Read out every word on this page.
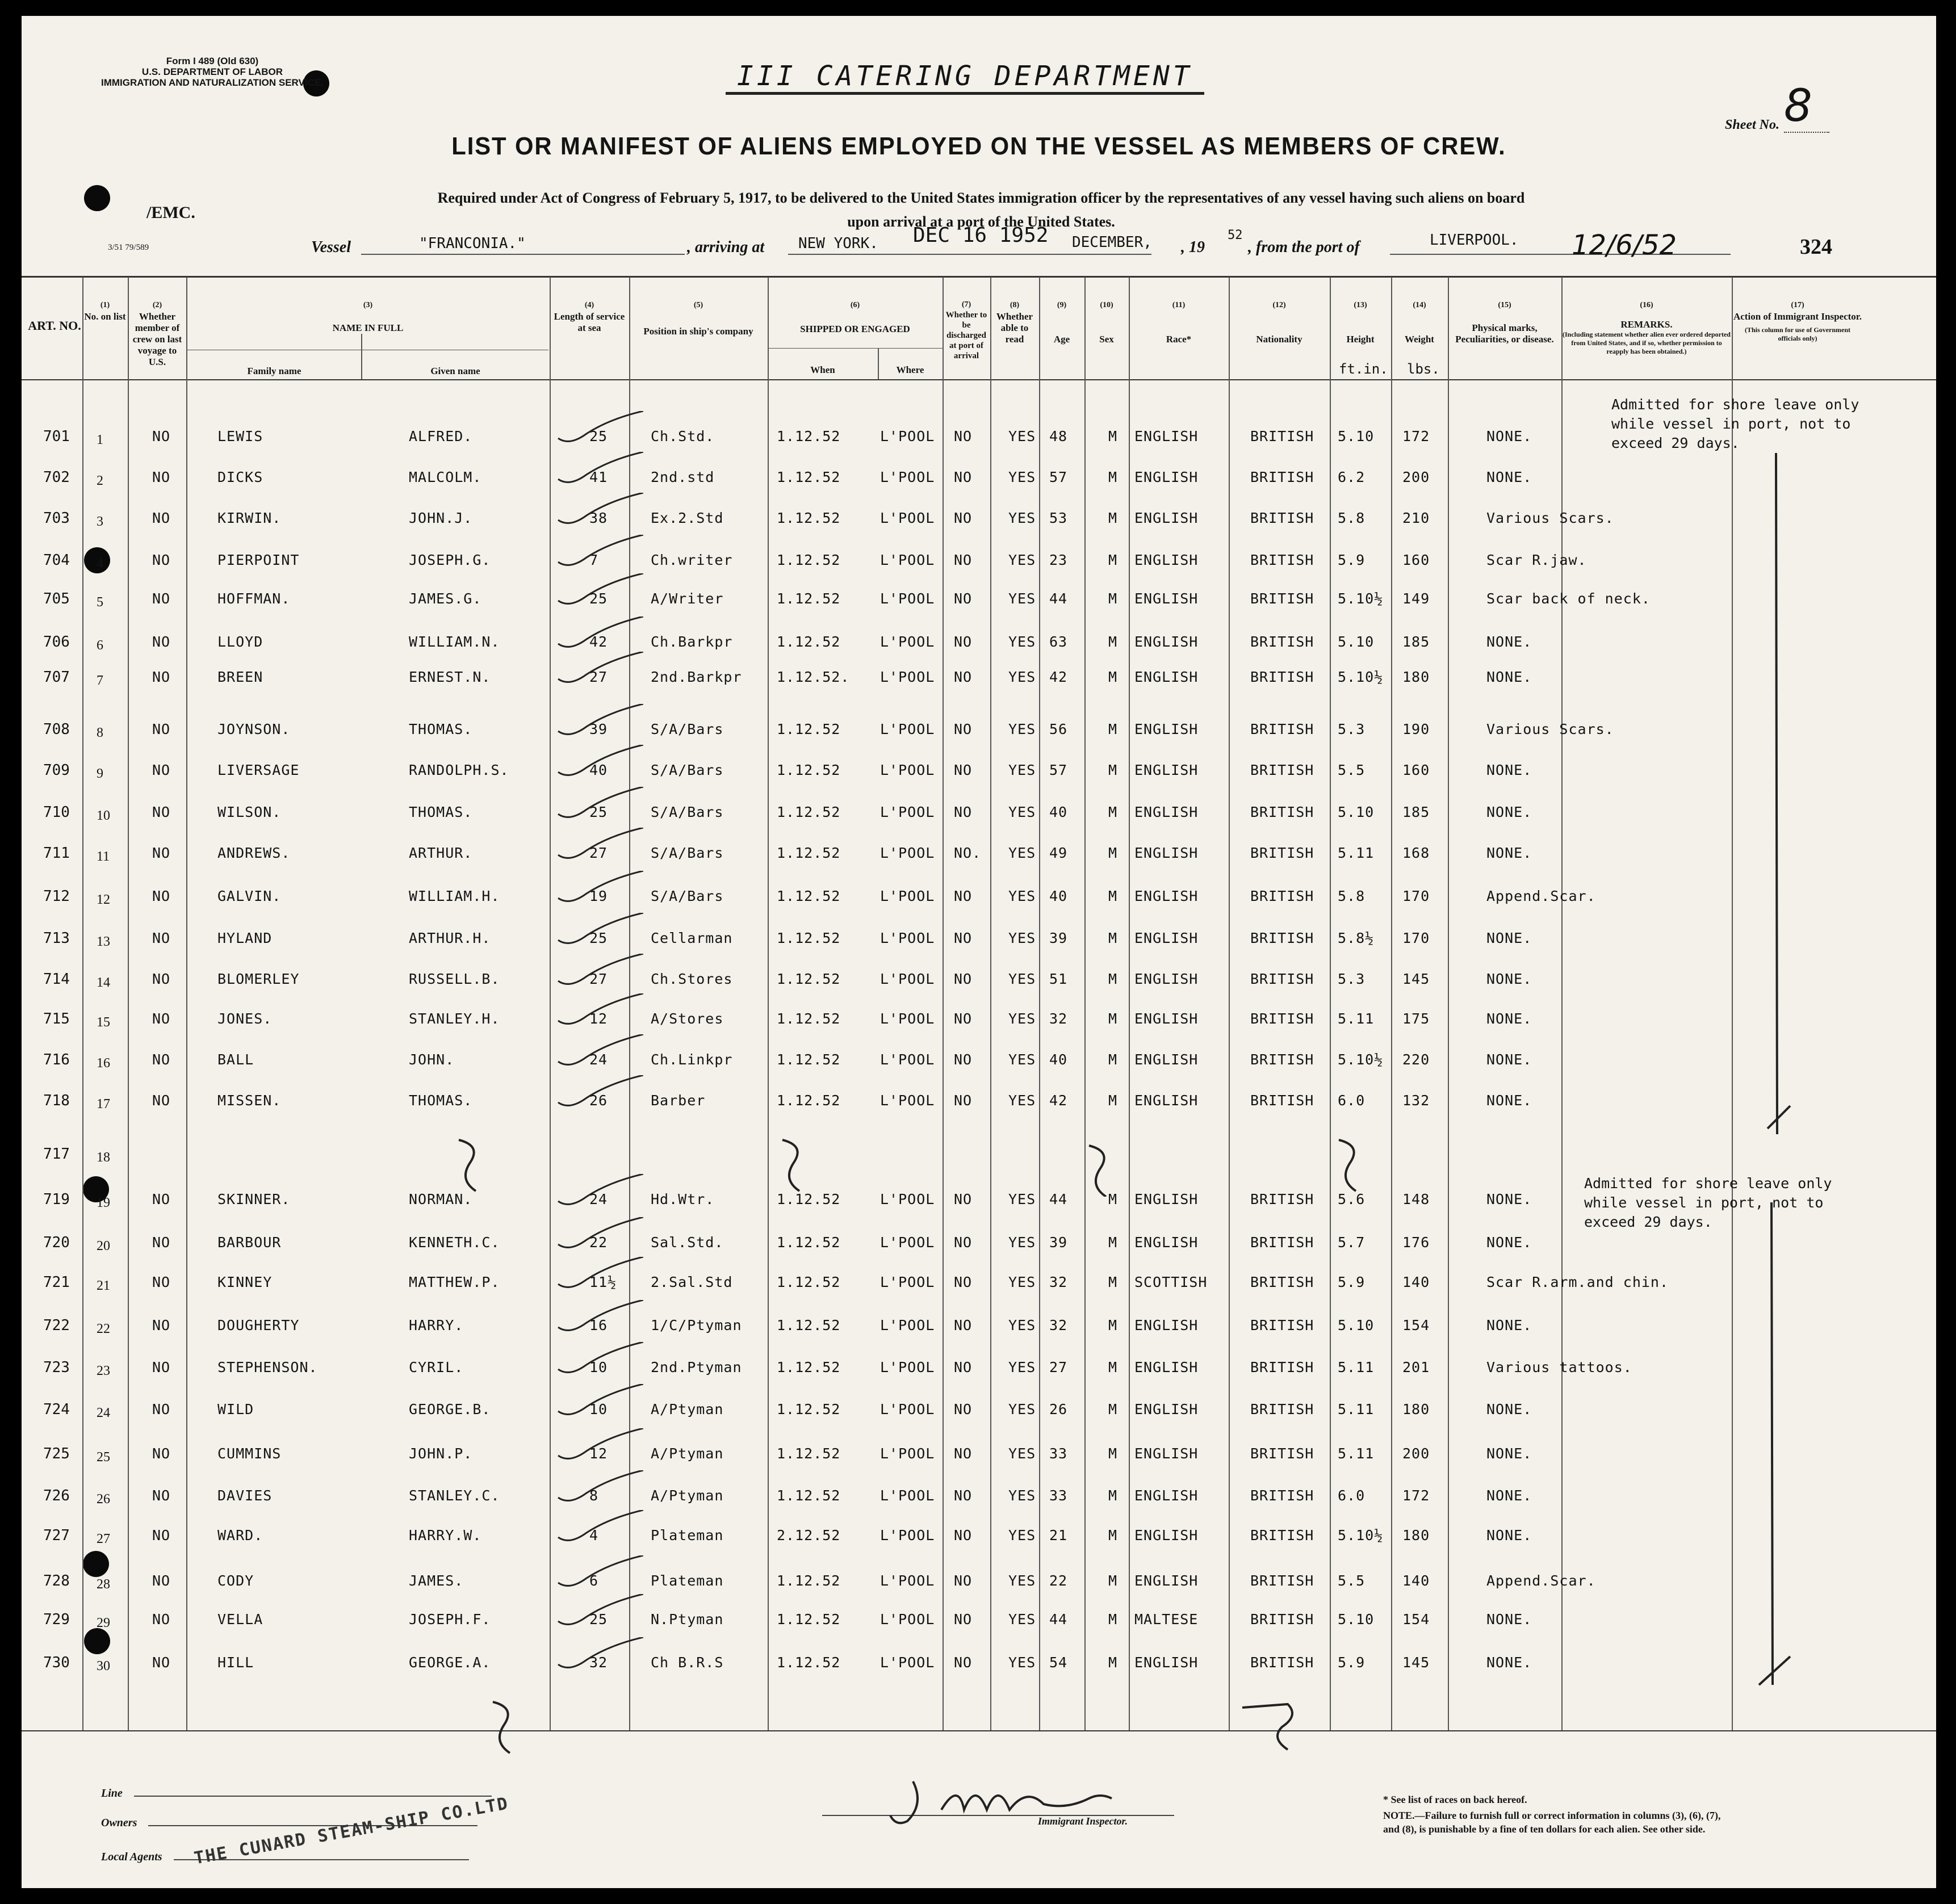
Form I 489 (Old 630)
U.S. DEPARTMENT OF LABOR
IMMIGRATION AND NATURALIZATION SERVICE.
/EMC.
3/51 79/589
III CATERING DEPARTMENT
Sheet No. 8
LIST OR MANIFEST OF ALIENS EMPLOYED ON THE VESSEL AS MEMBERS OF CREW.
Required under Act of Congress of February 5, 1917, to be delivered to the United States immigration officer by the representatives of any vessel having such aliens on board
upon arrival at a port of the United States.
Vessel	"FRANCONIA."	, arriving at NEW YORK. DEC 16 1952 DECEMBER, , 19
52
, from the port of	LIVERPOOL. 12/6/52	324
ART. NO.
(1)
No. on list
(2)
Whether member of crew on last voyage to U.S.
(3)
NAME IN FULL
Family name	Given name
(4)
Length of service at sea
(5)
Position in ship's company
(6)
SHIPPED OR ENGAGED
When	Where
(7)
Whether to be discharged at port of arrival
(8)
Whether able to read
(9)
Age
(10)
Sex
(11)
Race*
(12)
Nationality
(13)
Height
ft.in.
(14)
Weight
lbs.
(15)
Physical marks, Peculiarities, or disease.
(16)
REMARKS.
(Including statement whether alien ever ordered deported from United States, and if so, whether permission to reapply has been obtained.)
(17)
Action of Immigrant Inspector.
(This column for use of Government officials only)
701 1	NO	LEWIS	ALFRED.	25	Ch.Std.	1.12.52	L'POOL NO	YES 48	M ENGLISH	BRITISH 5.10 172	NONE.
702 2	NO	DICKS	MALCOLM.	41	2nd.std	1.12.52	L'POOL NO	YES 57	M ENGLISH	BRITISH 6.2	200	NONE.
703 3	NO	KIRWIN.	JOHN.J.	38	Ex.2.Std	1.12.52	L'POOL NO	YES 53	M ENGLISH	BRITISH 5.8	210	Various Scars.
704 4	NO	PIERPOINT	JOSEPH.G.	7	Ch.writer	1.12.52	L'POOL NO	YES 23	M ENGLISH	BRITISH 5.9	160	Scar R.jaw.
705 5	NO	HOFFMAN.	JAMES.G.	25	A/Writer	1.12.52	L'POOL NO	YES 44	M ENGLISH	BRITISH 5.10½ 149	Scar back of neck.
706 6	NO	LLOYD	WILLIAM.N.	42	Ch.Barkpr	1.12.52	L'POOL NO	YES 63	M ENGLISH	BRITISH 5.10 185	NONE.
707 7	NO	BREEN	ERNEST.N.	27	2nd.Barkpr 1.12.52. L'POOL NO	YES 42	M ENGLISH	BRITISH 5.10½ 180	NONE.
708 8	NO	JOYNSON.	THOMAS.	39	S/A/Bars	1.12.52	L'POOL NO	YES 56	M ENGLISH	BRITISH 5.3	190	Various Scars.
709 9	NO	LIVERSAGE	RANDOLPH.S.	40	S/A/Bars	1.12.52	L'POOL NO	YES 57	M ENGLISH	BRITISH 5.5	160	NONE.
710 10	NO	WILSON.	THOMAS.	25	S/A/Bars	1.12.52	L'POOL NO	YES 40	M ENGLISH	BRITISH 5.10 185	NONE.
711 11	NO	ANDREWS.	ARTHUR.	27	S/A/Bars	1.12.52	L'POOL NO. YES 49	M ENGLISH	BRITISH 5.11 168	NONE.
712 12	NO	GALVIN.	WILLIAM.H.	19	S/A/Bars	1.12.52	L'POOL NO	YES 40	M ENGLISH	BRITISH 5.8	170	Append.Scar.
713 13	NO	HYLAND	ARTHUR.H.	25	Cellarman	1.12.52	L'POOL NO	YES 39	M ENGLISH	BRITISH 5.8½ 170	NONE.
714 14	NO	BLOMERLEY	RUSSELL.B.	27	Ch.Stores	1.12.52	L'POOL NO	YES 51	M ENGLISH	BRITISH 5.3	145	NONE.
715 15	NO	JONES.	STANLEY.H.	12	A/Stores	1.12.52	L'POOL NO	YES 32	M ENGLISH	BRITISH 5.11 175	NONE.
716 16	NO	BALL	JOHN.	24	Ch.Linkpr	1.12.52	L'POOL NO	YES 40	M ENGLISH	BRITISH 5.10½ 220	NONE.
718 17	NO	MISSEN.	THOMAS.	26	Barber	1.12.52	L'POOL NO	YES 42	M ENGLISH	BRITISH 6.0	132	NONE.
717 18
719 19	NO	SKINNER.	NORMAN.	24	Hd.Wtr.	1.12.52	L'POOL NO	YES 44	M ENGLISH	BRITISH 5.6	148	NONE.
720 20	NO	BARBOUR	KENNETH.C.	22	Sal.Std.	1.12.52	L'POOL NO	YES 39	M ENGLISH	BRITISH 5.7	176	NONE.
721 21	NO	KINNEY	MATTHEW.P.	11½ 2.Sal.Std	1.12.52	L'POOL NO	YES 32	M SCOTTISH	BRITISH 5.9	140	Scar R.arm.and chin.
722 22	NO	DOUGHERTY	HARRY.	16	1/C/Ptyman 1.12.52	L'POOL NO	YES 32	M ENGLISH	BRITISH 5.10 154	NONE.
723 23	NO	STEPHENSON.	CYRIL.	10	2nd.Ptyman 1.12.52	L'POOL NO	YES 27	M ENGLISH	BRITISH 5.11 201	Various tattoos.
724 24	NO	WILD	GEORGE.B.	10	A/Ptyman	1.12.52	L'POOL NO	YES 26	M ENGLISH	BRITISH 5.11 180	NONE.
725 25	NO	CUMMINS	JOHN.P.	12	A/Ptyman	1.12.52	L'POOL NO	YES 33	M ENGLISH	BRITISH 5.11 200	NONE.
726 26	NO	DAVIES	STANLEY.C.	8	A/Ptyman	1.12.52	L'POOL NO	YES 33	M ENGLISH	BRITISH 6.0	172	NONE.
727 27	NO	WARD.	HARRY.W.	4	Plateman	2.12.52	L'POOL NO	YES 21	M ENGLISH	BRITISH 5.10½ 180	NONE.
728 28	NO	CODY	JAMES.	6	Plateman	1.12.52	L'POOL NO	YES 22	M ENGLISH	BRITISH 5.5	140	Append.Scar.
729 29	NO	VELLA	JOSEPH.F.	25	N.Ptyman	1.12.52	L'POOL NO	YES 44	M MALTESE	BRITISH 5.10 154	NONE.
730 30	NO	HILL	GEORGE.A.	32	Ch B.R.S	1.12.52	L'POOL NO	YES 54	M ENGLISH	BRITISH 5.9	145	NONE.
Admitted for shore leave only while vessel in port, not to exceed 29 days.
Admitted for shore leave only while vessel in port, not to exceed 29 days.
Line
Owners
Local Agents	THE CUNARD STEAM-SHIP CO.LTD	Immigrant Inspector.
* See list of races on back hereof.
NOTE.—Failure to furnish full or correct information in columns (3), (6), (7), and (8), is punishable by a fine of ten dollars for each alien. See other side.
